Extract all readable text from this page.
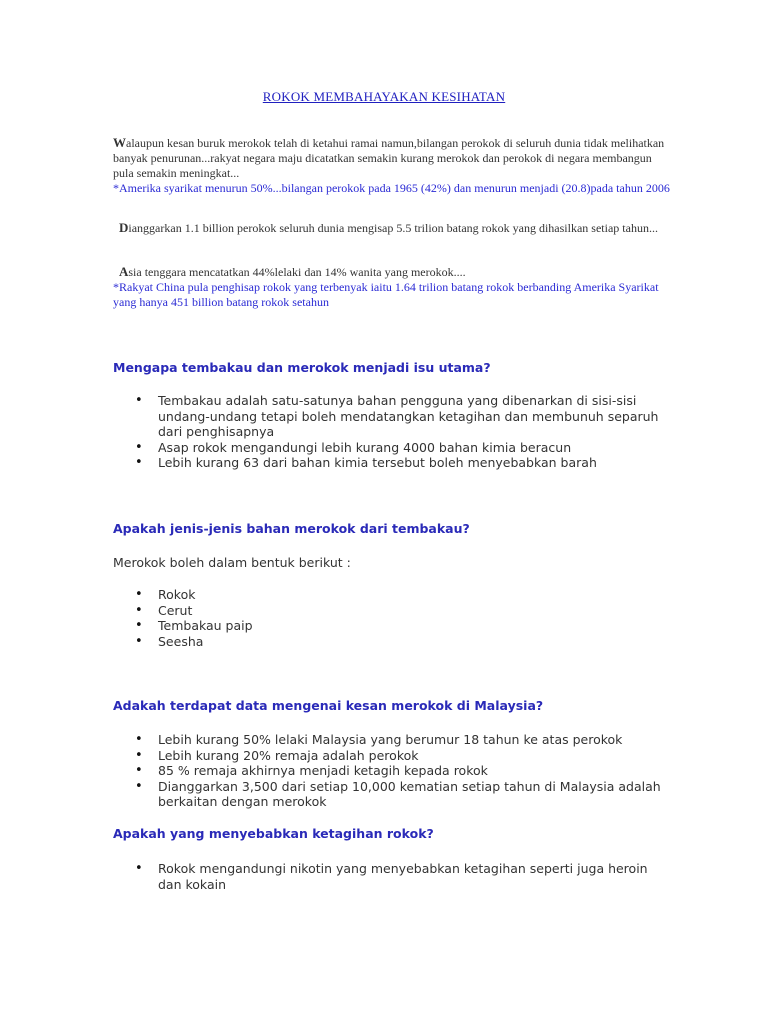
ROKOK MEMBAHAYAKAN KESIHATAN
Walaupun kesan buruk merokok telah di ketahui ramai namun,bilangan perokok di seluruh dunia tidak melihatkan banyak penurunan...rakyat negara maju dicatatkan semakin kurang merokok dan perokok di negara membangun pula semakin meningkat...
*Amerika syarikat menurun 50%...bilangan perokok pada 1965 (42%) dan menurun menjadi (20.8)pada tahun 2006
Dianggarkan 1.1 billion perokok seluruh dunia mengisap 5.5 trilion batang rokok yang dihasilkan setiap tahun...
Asia tenggara mencatatkan 44%lelaki dan 14% wanita yang merokok....
*Rakyat China pula penghisap rokok yang terbenyak iaitu 1.64 trilion batang rokok berbanding Amerika Syarikat yang hanya 451 billion batang rokok setahun
Mengapa tembakau dan merokok menjadi isu utama?
• Tembakau adalah satu-satunya bahan pengguna yang dibenarkan di sisi-sisi undang-undang tetapi boleh mendatangkan ketagihan dan membunuh separuh dari penghisapnya
• Asap rokok mengandungi lebih kurang 4000 bahan kimia beracun
• Lebih kurang 63 dari bahan kimia tersebut boleh menyebabkan barah
Apakah jenis-jenis bahan merokok dari tembakau?
Merokok boleh dalam bentuk berikut :
• Rokok
• Cerut
• Tembakau paip
• Seesha
Adakah terdapat data mengenai kesan merokok di Malaysia?
• Lebih kurang 50% lelaki Malaysia yang berumur 18 tahun ke atas perokok
• Lebih kurang 20% remaja adalah perokok
• 85 % remaja akhirnya menjadi ketagih kepada rokok
• Dianggarkan 3,500 dari setiap 10,000 kematian setiap tahun di Malaysia adalah berkaitan dengan merokok
Apakah yang menyebabkan ketagihan rokok?
• Rokok mengandungi nikotin yang menyebabkan ketagihan seperti juga heroin dan kokain
